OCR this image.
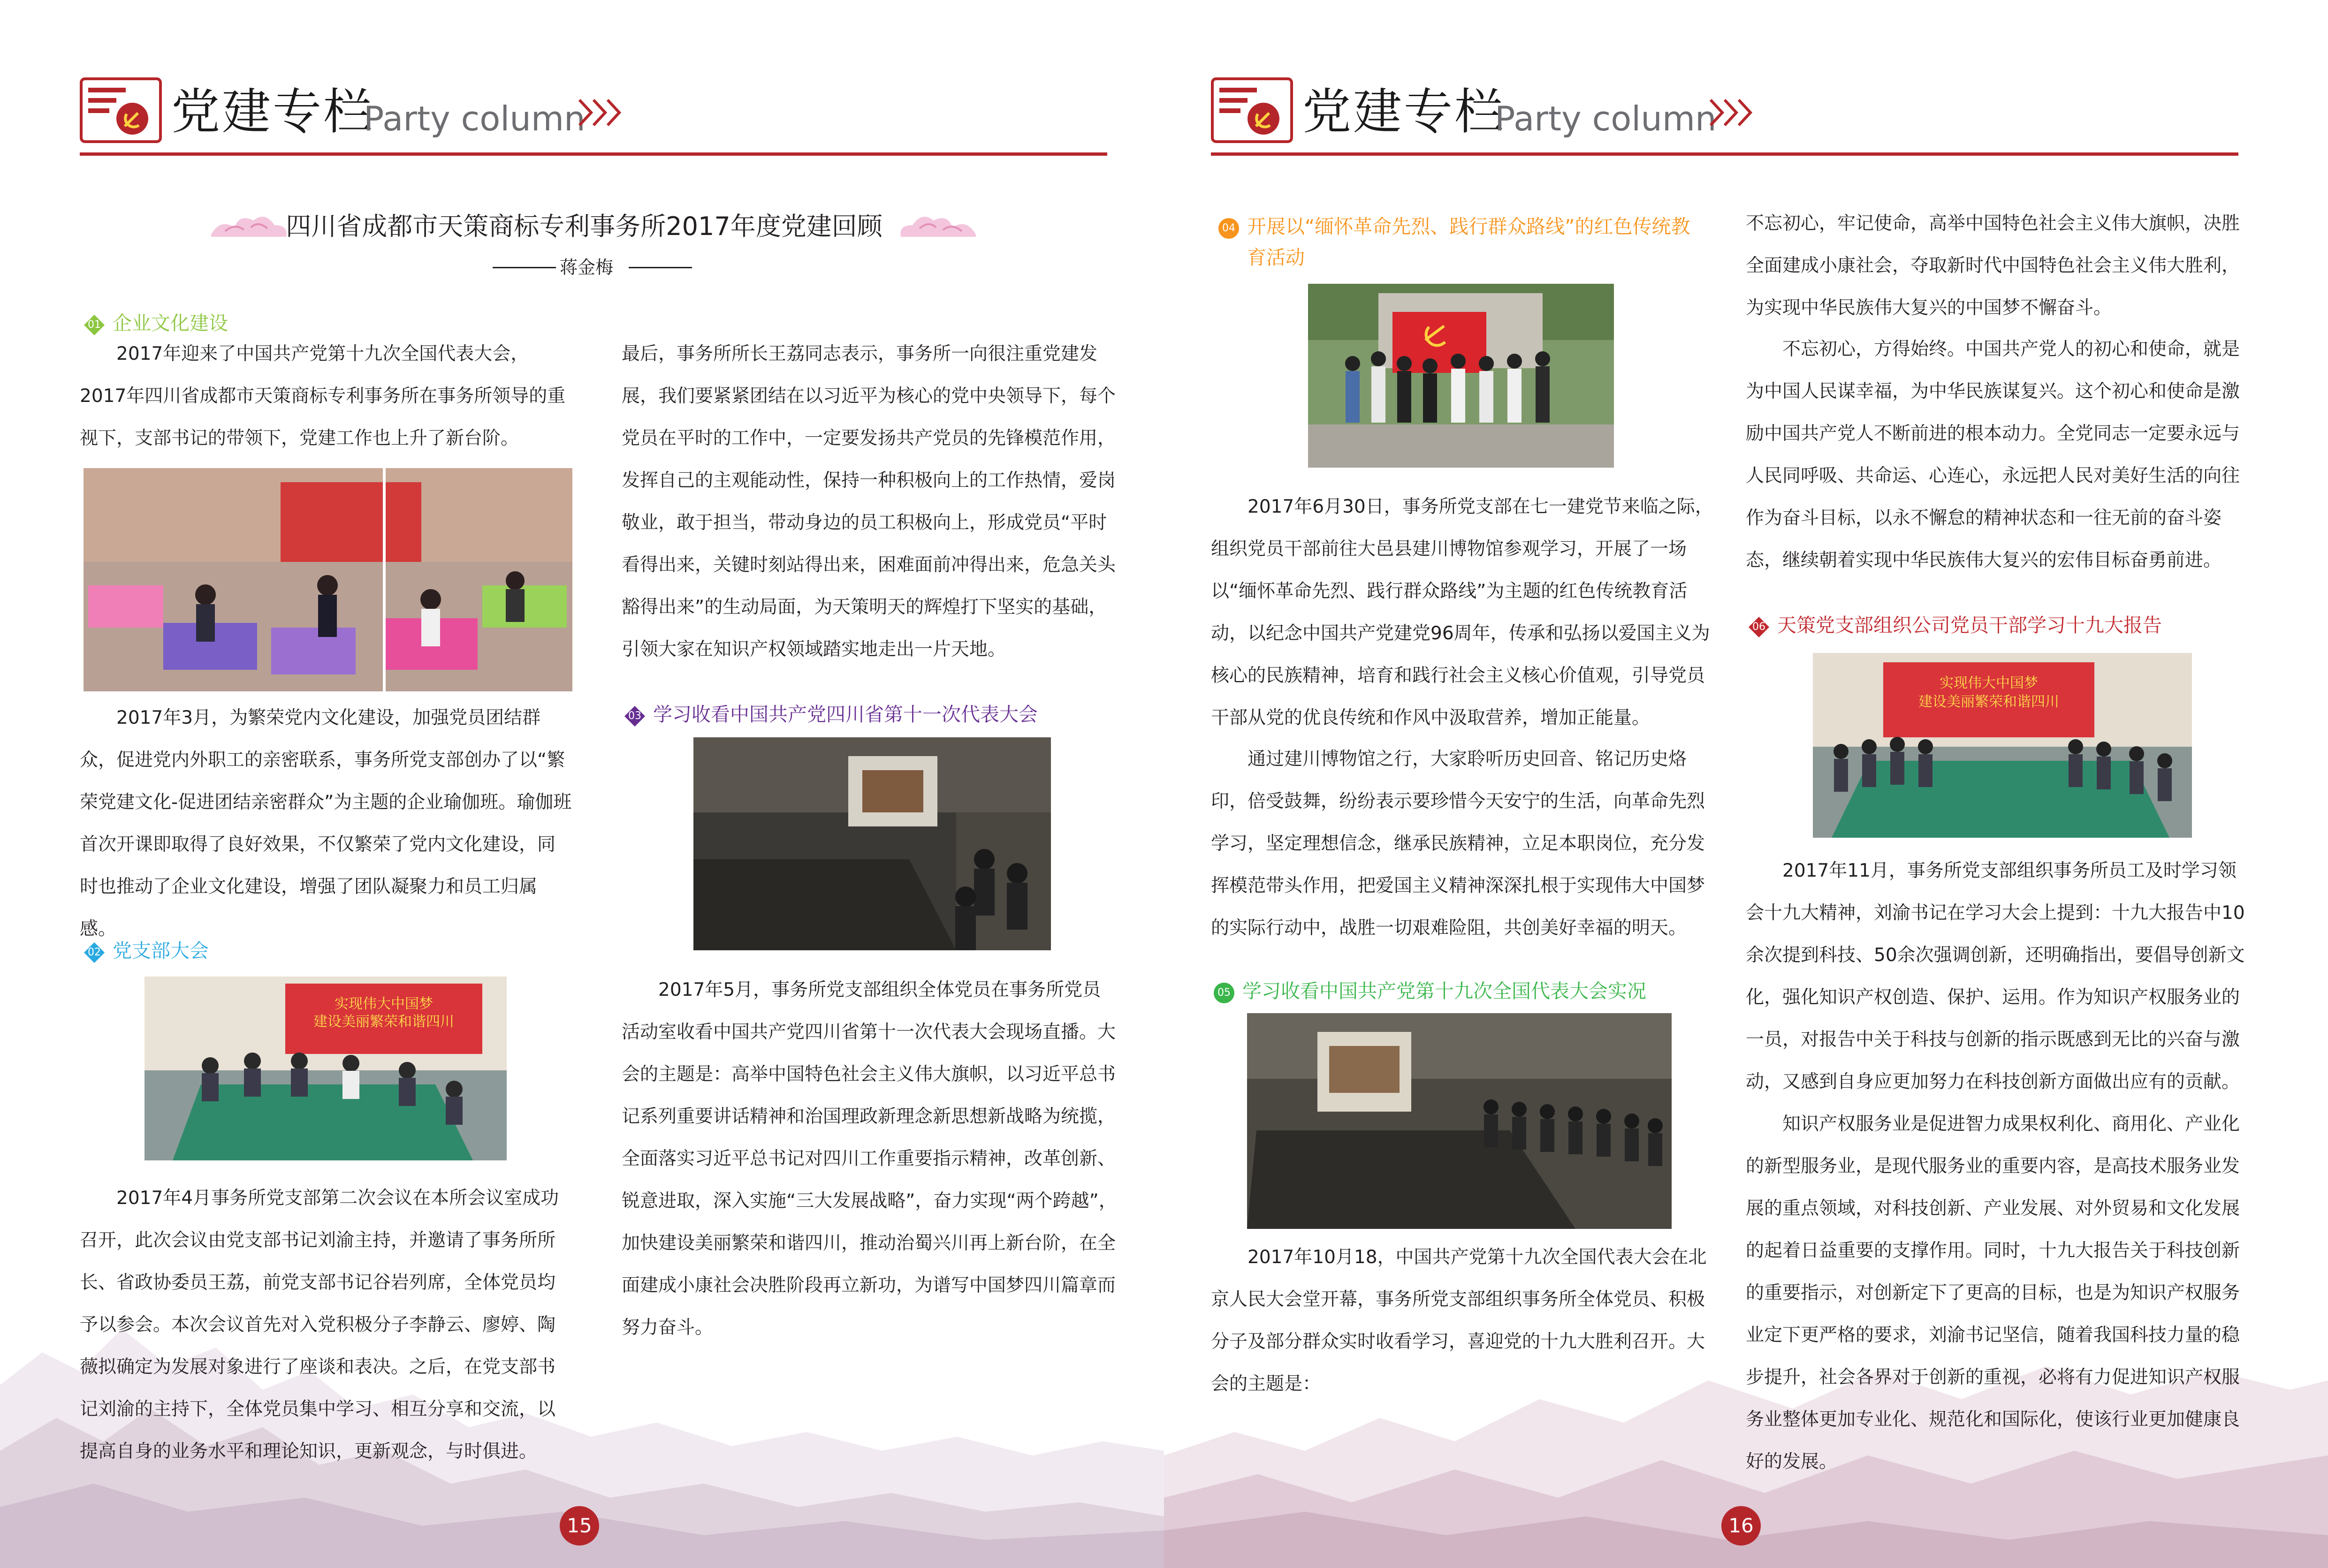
党建专栏
Party column
四川省成都市天策商标专利事务所2017年度党建回顾
蒋金梅
01 企业文化建设

2017年迎来了中国共产党第十九次全国代表大会，2017年四川省成都市天策商标专利事务所在事务所领导的重视下，支部书记的带领下，党建工作也上升了新台阶。

2017年3月，为繁荣党内文化建设，加强党员团结群众，促进党内外职工的亲密联系，事务所党支部创办了以“繁荣党建文化-促进团结亲密群众”为主题的企业瑜伽班。瑜伽班首次开课即取得了良好效果，不仅繁荣了党内文化建设，同时也推动了企业文化建设，增强了团队凝聚力和员工归属感。

02 党支部大会
实现伟大中国梦
建设美丽繁荣和谐四川

2017年4月事务所党支部第二次会议在本所会议室成功召开，此次会议由党支部书记刘渝主持，并邀请了事务所所长、省政协委员王荔，前党支部书记谷岩列席，全体党员均予以参会。本次会议首先对入党积极分子李静云、廖婷、陶薇拟确定为发展对象进行了座谈和表决。之后，在党支部书记刘渝的主持下，全体党员集中学习、相互分享和交流，以提高自身的业务水平和理论知识，更新观念，与时俱进。

最后，事务所所长王荔同志表示，事务所一向很注重党建发展，我们要紧紧团结在以习近平为核心的党中央领导下，每个党员在平时的工作中，一定要发扬共产党员的先锋模范作用，发挥自己的主观能动性，保持一种积极向上的工作热情，爱岗敬业，敢于担当，带动身边的员工积极向上，形成党员“平时看得出来，关键时刻站得出来，困难面前冲得出来，危急关头豁得出来”的生动局面，为天策明天的辉煌打下坚实的基础，引领大家在知识产权领域踏实地走出一片天地。

03 学习收看中国共产党四川省第十一次代表大会

2017年5月，事务所党支部组织全体党员在事务所党员活动室收看中国共产党四川省第十一次代表大会现场直播。大会的主题是：高举中国特色社会主义伟大旗帜，以习近平总书记系列重要讲话精神和治国理政新理念新思想新战略为统揽，全面落实习近平总书记对四川工作重要指示精神，改革创新、锐意进取，深入实施“三大发展战略”，奋力实现“两个跨越”，加快建设美丽繁荣和谐四川，推动治蜀兴川再上新台阶，在全面建成小康社会决胜阶段再立新功，为谱写中国梦四川篇章而努力奋斗。

15
党建专栏
Party column
04 开展以“缅怀革命先烈、践行群众路线”的红色传统教育活动

2017年6月30日，事务所党支部在七一建党节来临之际，组织党员干部前往大邑县建川博物馆参观学习，开展了一场以“缅怀革命先烈、践行群众路线”为主题的红色传统教育活动，以纪念中国共产党建党96周年，传承和弘扬以爱国主义为核心的民族精神，培育和践行社会主义核心价值观，引导党员干部从党的优良传统和作风中汲取营养，增加正能量。

通过建川博物馆之行，大家聆听历史回音、铭记历史烙印，倍受鼓舞，纷纷表示要珍惜今天安宁的生活，向革命先烈学习，坚定理想信念，继承民族精神，立足本职岗位，充分发挥模范带头作用，把爱国主义精神深深扎根于实现伟大中国梦的实际行动中，战胜一切艰难险阻，共创美好幸福的明天。

05 学习收看中国共产党第十九次全国代表大会实况

2017年10月18，中国共产党第十九次全国代表大会在北京人民大会堂开幕，事务所党支部组织事务所全体党员、积极分子及部分群众实时收看学习，喜迎党的十九大胜利召开。大会的主题是：

不忘初心，牢记使命，高举中国特色社会主义伟大旗帜，决胜全面建成小康社会，夺取新时代中国特色社会主义伟大胜利，为实现中华民族伟大复兴的中国梦不懈奋斗。

不忘初心，方得始终。中国共产党人的初心和使命，就是为中国人民谋幸福，为中华民族谋复兴。这个初心和使命是激励中国共产党人不断前进的根本动力。全党同志一定要永远与人民同呼吸、共命运、心连心，永远把人民对美好生活的向往作为奋斗目标，以永不懈怠的精神状态和一往无前的奋斗姿态，继续朝着实现中华民族伟大复兴的宏伟目标奋勇前进。

06 天策党支部组织公司党员干部学习十九大报告
实现伟大中国梦
建设美丽繁荣和谐四川

2017年11月，事务所党支部组织事务所员工及时学习领会十九大精神，刘渝书记在学习大会上提到：十九大报告中10余次提到科技、50余次强调创新，还明确指出，要倡导创新文化，强化知识产权创造、保护、运用。作为知识产权服务业的一员，对报告中关于科技与创新的指示既感到无比的兴奋与激动，又感到自身应更加努力在科技创新方面做出应有的贡献。

知识产权服务业是促进智力成果权利化、商用化、产业化的新型服务业，是现代服务业的重要内容，是高技术服务业发展的重点领域，对科技创新、产业发展、对外贸易和文化发展的起着日益重要的支撑作用。同时，十九大报告关于科技创新的重要指示，对创新定下了更高的目标，也是为知识产权服务业定下更严格的要求，刘渝书记坚信，随着我国科技力量的稳步提升，社会各界对于创新的重视，必将有力促进知识产权服务业整体更加专业化、规范化和国际化，使该行业更加健康良好的发展。

16
